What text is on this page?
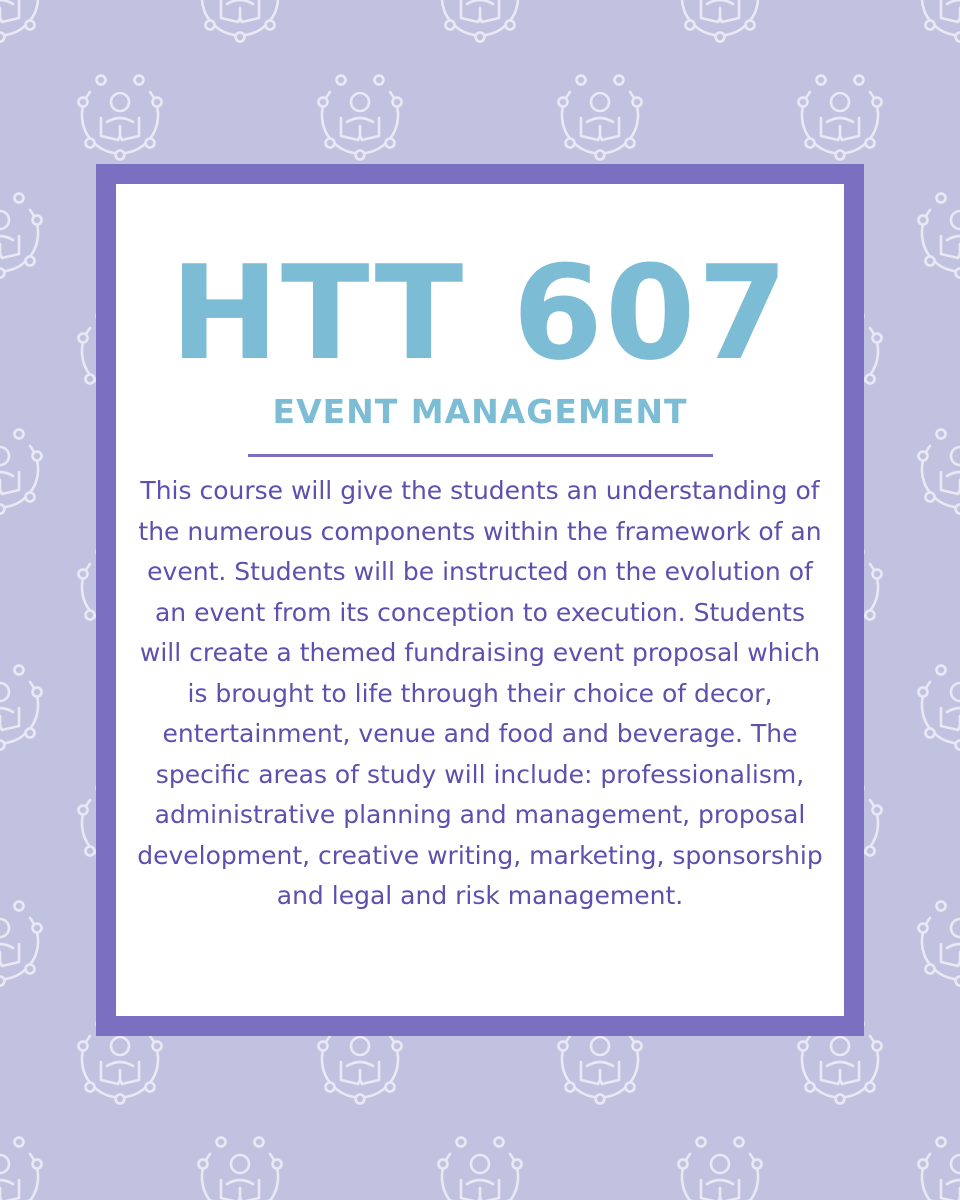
HTT 607
EVENT MANAGEMENT

This course will give the students an understanding of the numerous components within the framework of an event. Students will be instructed on the evolution of an event from its conception to execution. Students will create a themed fundraising event proposal which is brought to life through their choice of decor, entertainment, venue and food and beverage. The specific areas of study will include: professionalism, administrative planning and management, proposal development, creative writing, marketing, sponsorship and legal and risk management.
